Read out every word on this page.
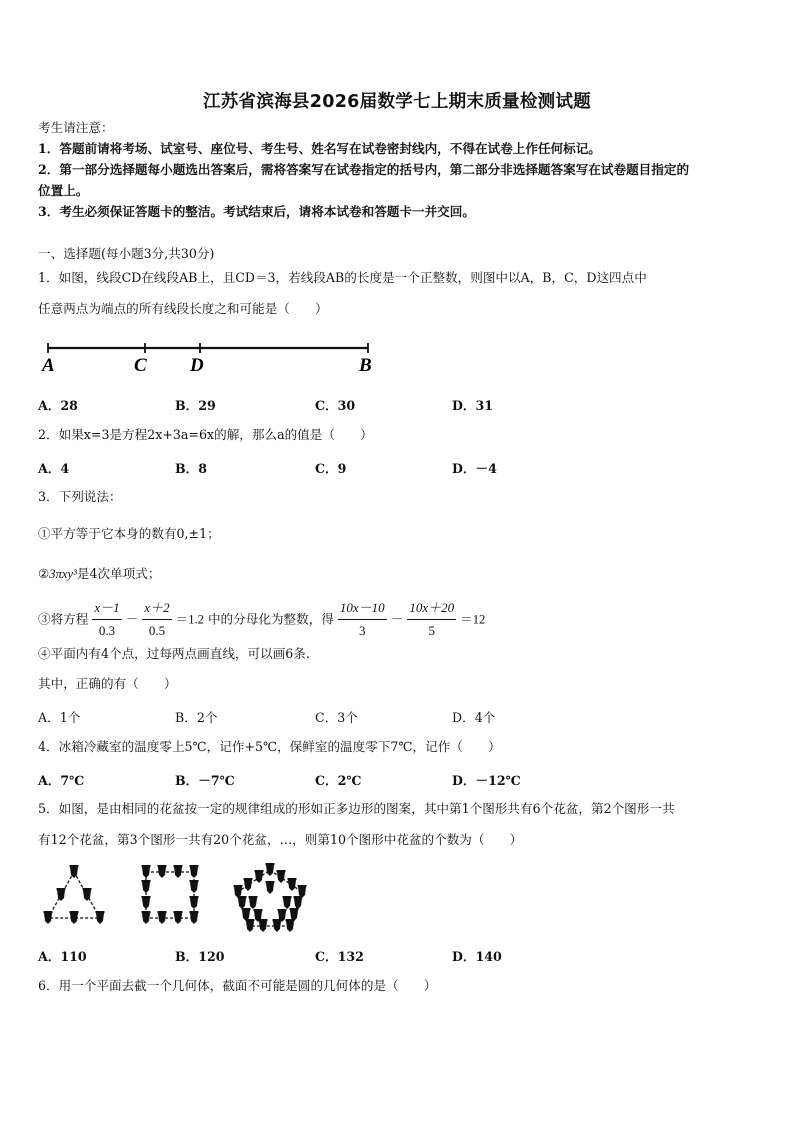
江苏省滨海县2026届数学七上期末质量检测试题
考生请注意：
1．答题前请将考场、试室号、座位号、考生号、姓名写在试卷密封线内，不得在试卷上作任何标记。
2．第一部分选择题每小题选出答案后，需将答案写在试卷指定的括号内，第二部分非选择题答案写在试卷题目指定的
位置上。
3．考生必须保证答题卡的整洁。考试结束后，请将本试卷和答题卡一并交回。
一、选择题(每小题3分,共30分)
1．如图，线段CD在线段AB上，且CD＝3，若线段AB的长度是一个正整数，则图中以A，B，C，D这四点中
任意两点为端点的所有线段长度之和可能是（　　）
A	C D	B
A．28	B．29	C．30	D．31
2．如果x=3是方程2x+3a=6x的解，那么a的值是（　　）
A．4	B．8	C．9	D．－4
3．下列说法：
①平方等于它本身的数有0,±1；
②3πxy³是4次单项式；
③将方程 $\frac{x-1}{0.3} - \frac{x+2}{0.5} =1.2$ 中的分母化为整数，得 $\frac{10x-10}{3} - \frac{10x+20}{5} =12$
④平面内有4个点，过每两点画直线，可以画6条.
其中，正确的有（　　）
A．1个	B．2个	C．3个	D．4个
4．冰箱冷藏室的温度零上5℃，记作+5℃，保鲜室的温度零下7℃，记作（　　）
A．7℃	B．－7℃	C．2℃	D．－12℃
5．如图，是由相同的花盆按一定的规律组成的形如正多边形的图案，其中第1个图形共有6个花盆，第2个图形一共
有12个花盆，第3个图形一共有20个花盆，…，则第10个图形中花盆的个数为（　　）
A．110	B．120	C．132	D．140
6．用一个平面去截一个几何体，截面不可能是圆的几何体的是（　　）
